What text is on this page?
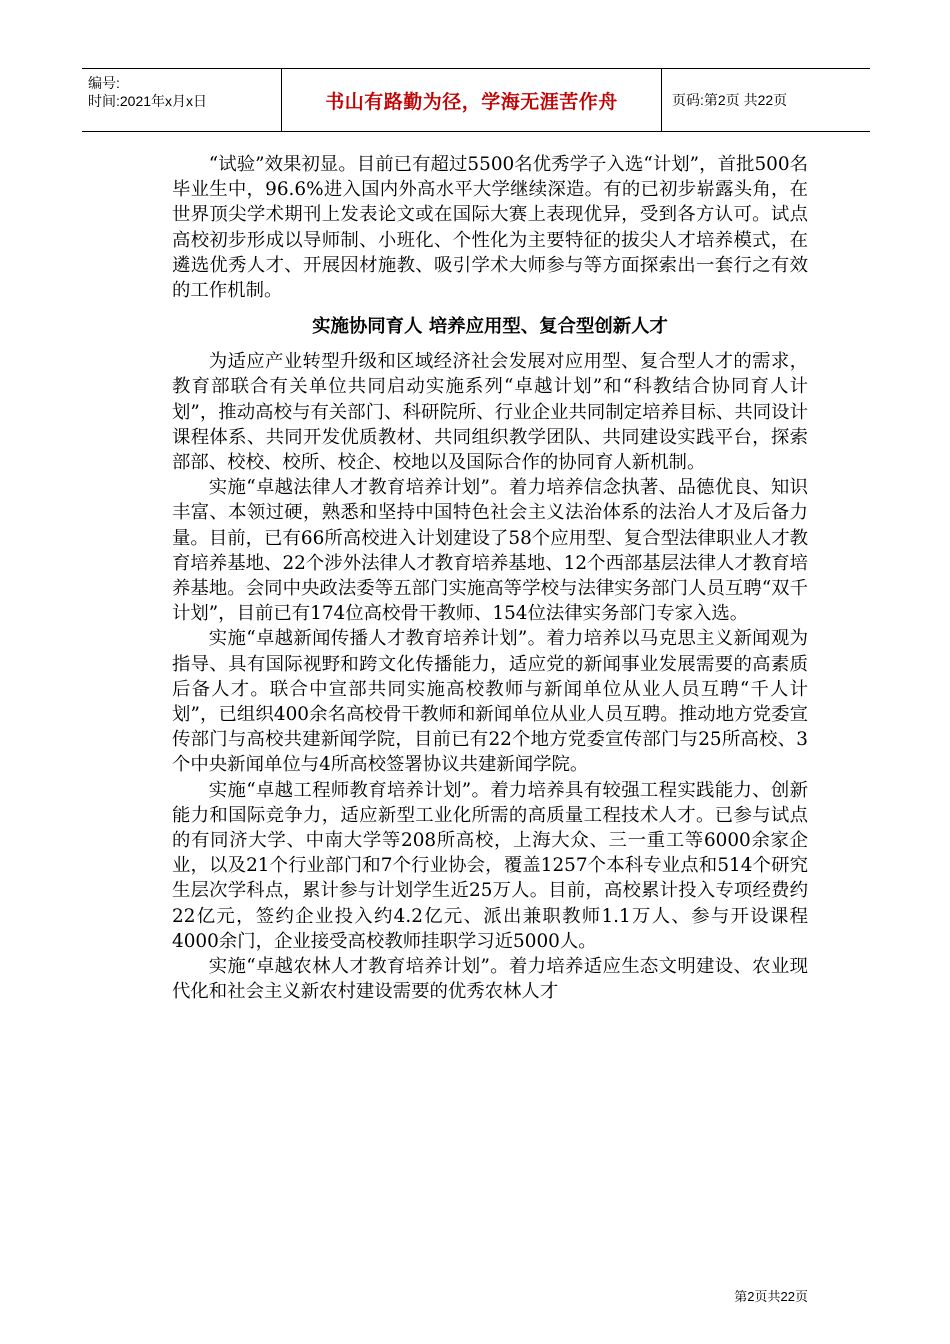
编号:
时间:2021年x月x日	书山有路勤为径，学海无涯苦作舟	页码:第2页 共22页

“试验”效果初显。目前已有超过5500名优秀学子入选“计划”，首批500名毕业生中，96.6%进入国内外高水平大学继续深造。有的已初步崭露头角，在世界顶尖学术期刊上发表论文或在国际大赛上表现优异，受到各方认可。试点高校初步形成以导师制、小班化、个性化为主要特征的拔尖人才培养模式，在遴选优秀人才、开展因材施教、吸引学术大师参与等方面探索出一套行之有效的工作机制。

实施协同育人 培养应用型、复合型创新人才

为适应产业转型升级和区域经济社会发展对应用型、复合型人才的需求，教育部联合有关单位共同启动实施系列“卓越计划”和“科教结合协同育人计划”，推动高校与有关部门、科研院所、行业企业共同制定培养目标、共同设计课程体系、共同开发优质教材、共同组织教学团队、共同建设实践平台，探索部部、校校、校所、校企、校地以及国际合作的协同育人新机制。

实施“卓越法律人才教育培养计划”。着力培养信念执著、品德优良、知识丰富、本领过硬，熟悉和坚持中国特色社会主义法治体系的法治人才及后备力量。目前，已有66所高校进入计划建设了58个应用型、复合型法律职业人才教育培养基地、22个涉外法律人才教育培养基地、12个西部基层法律人才教育培养基地。会同中央政法委等五部门实施高等学校与法律实务部门人员互聘“双千计划”，目前已有174位高校骨干教师、154位法律实务部门专家入选。

实施“卓越新闻传播人才教育培养计划”。着力培养以马克思主义新闻观为指导、具有国际视野和跨文化传播能力，适应党的新闻事业发展需要的高素质后备人才。联合中宣部共同实施高校教师与新闻单位从业人员互聘“千人计划”，已组织400余名高校骨干教师和新闻单位从业人员互聘。推动地方党委宣传部门与高校共建新闻学院，目前已有22个地方党委宣传部门与25所高校、3个中央新闻单位与4所高校签署协议共建新闻学院。

实施“卓越工程师教育培养计划”。着力培养具有较强工程实践能力、创新能力和国际竞争力，适应新型工业化所需的高质量工程技术人才。已参与试点的有同济大学、中南大学等208所高校，上海大众、三一重工等6000余家企业，以及21个行业部门和7个行业协会，覆盖1257个本科专业点和514个研究生层次学科点，累计参与计划学生近25万人。目前，高校累计投入专项经费约22亿元，签约企业投入约4.2亿元、派出兼职教师1.1万人、参与开设课程4000余门，企业接受高校教师挂职学习近5000人。

实施“卓越农林人才教育培养计划”。着力培养适应生态文明建设、农业现代化和社会主义新农村建设需要的优秀农林人才

第2页共22页
